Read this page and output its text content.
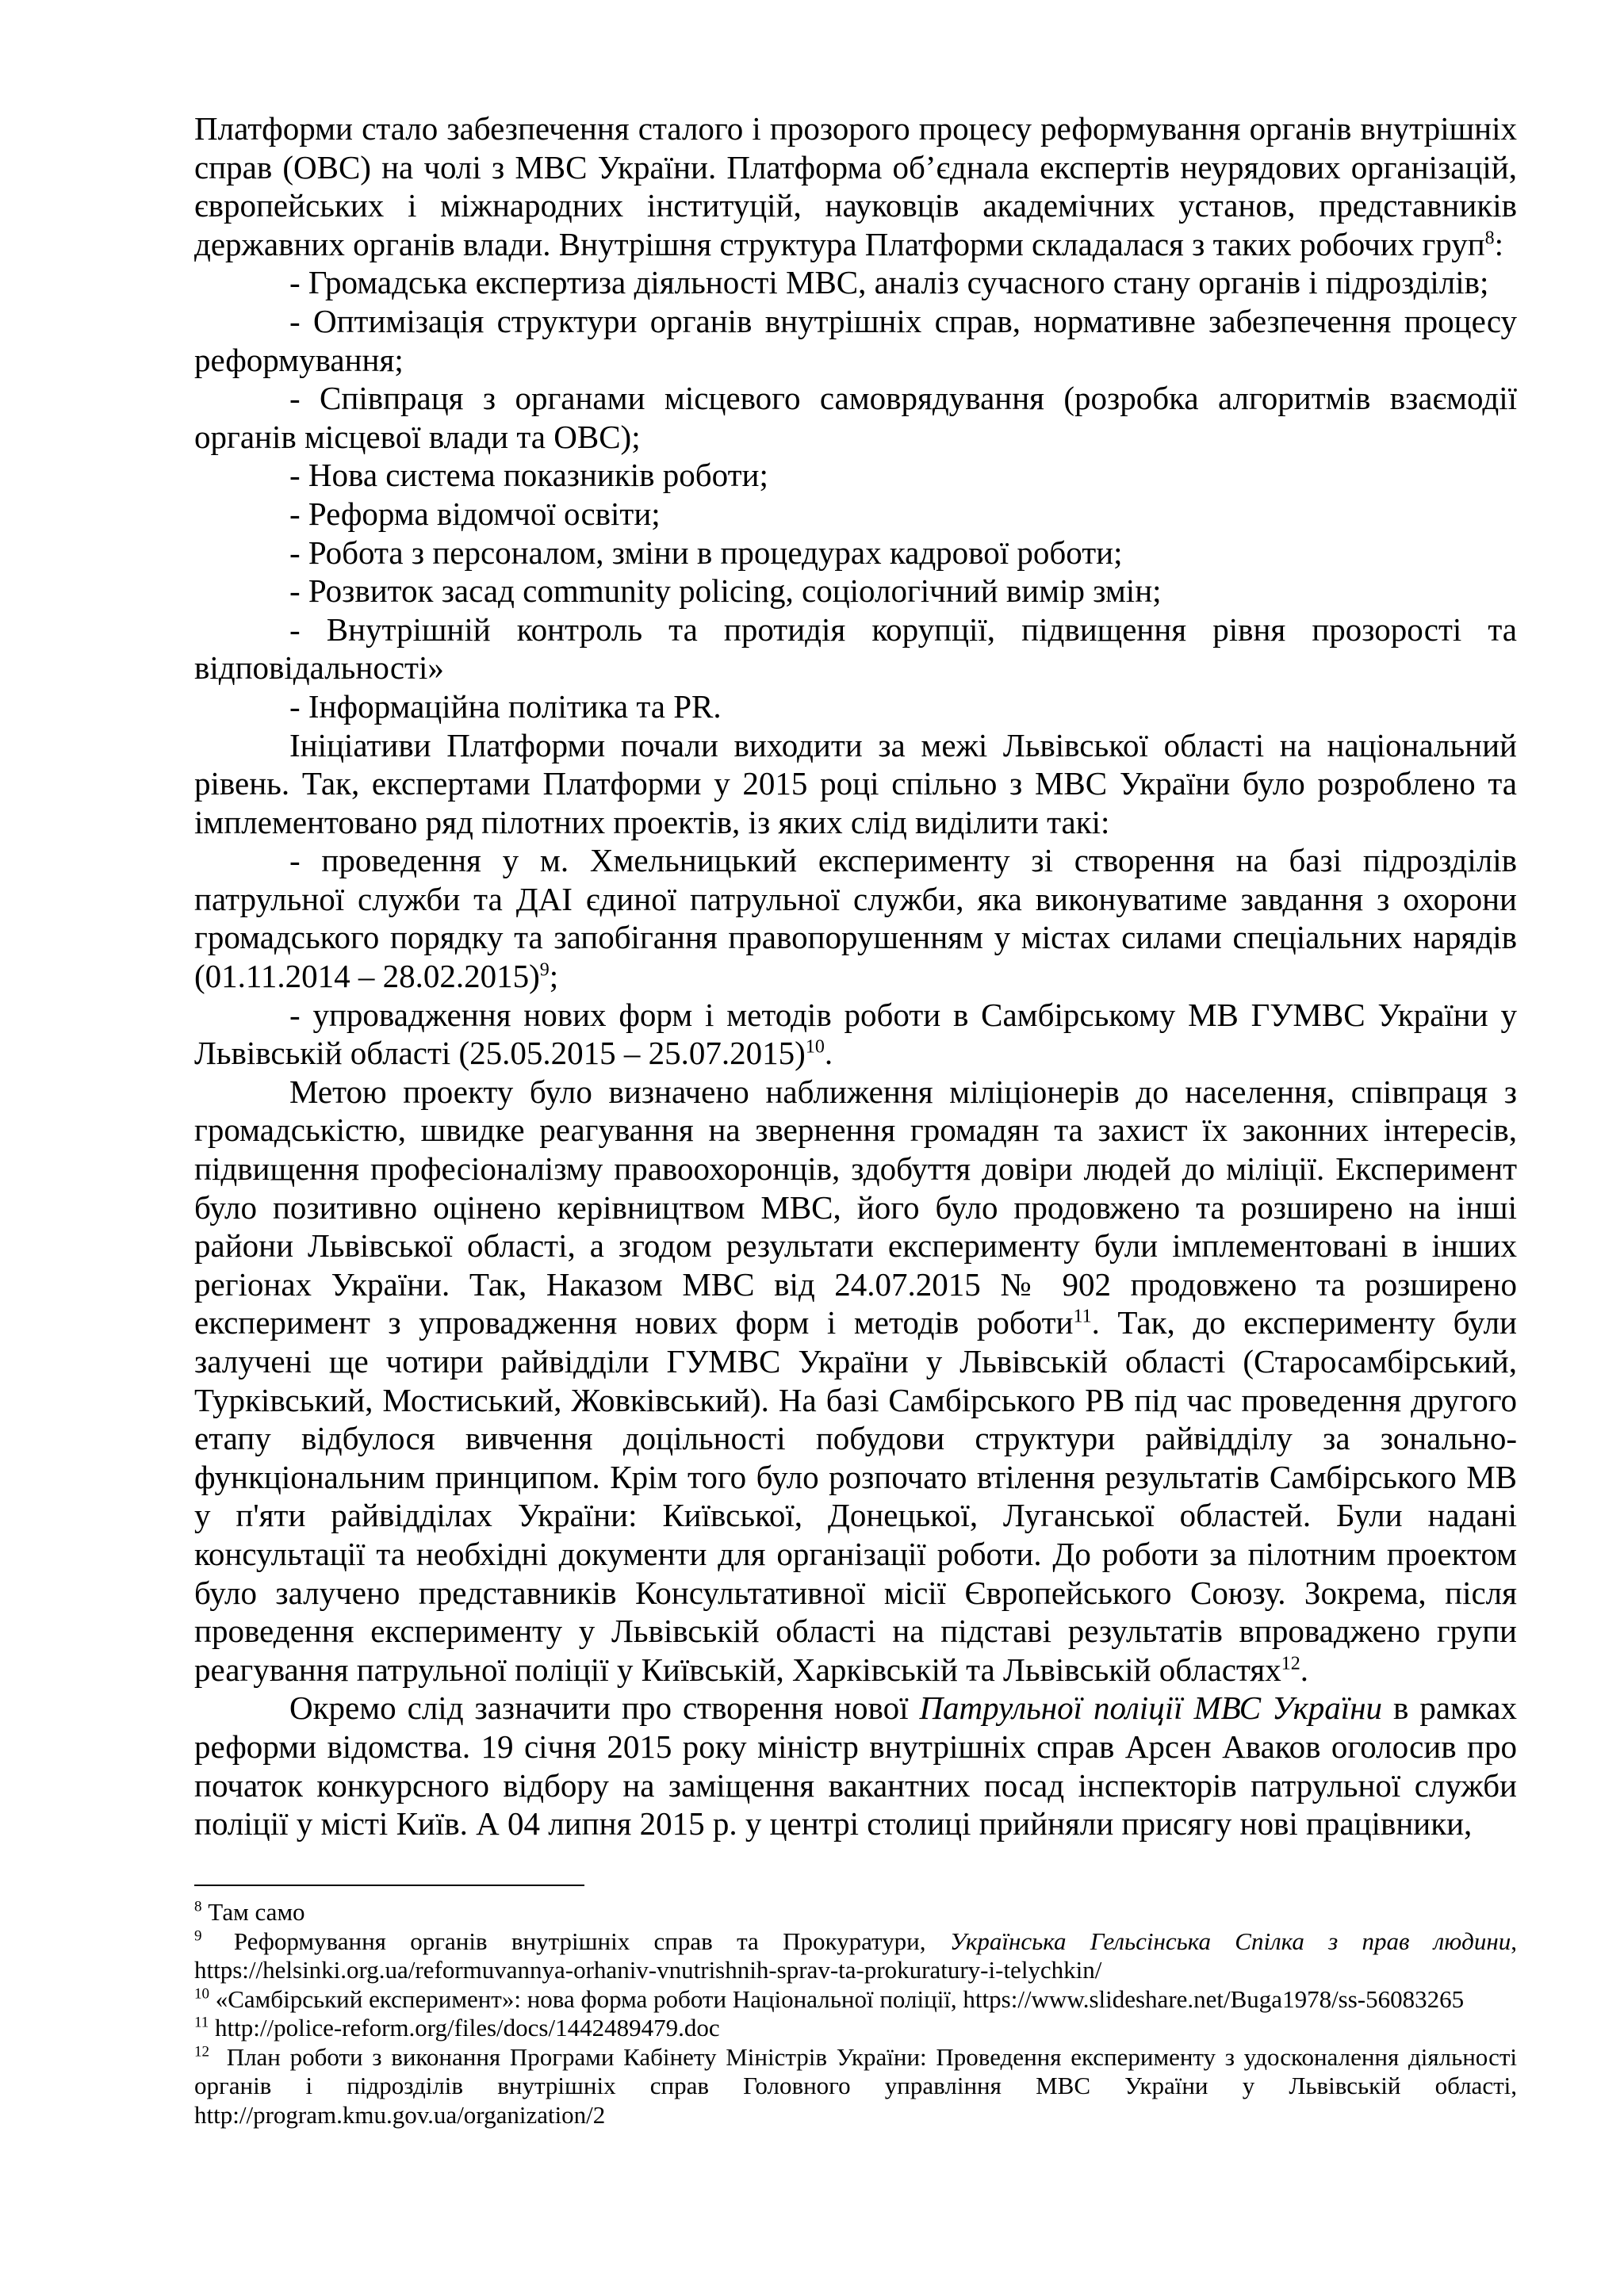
Платформи стало забезпечення сталого і прозорого процесу реформування органів внутрішніх справ (ОВС) на чолі з МВС України. Платформа об’єднала експертів неурядових організацій, європейських і міжнародних інституцій, науковців академічних установ, представників державних органів влади. Внутрішня структура Платформи складалася з таких робочих груп$^8$:

- Громадська експертиза діяльності МВС, аналіз сучасного стану органів і підрозділів;

- Оптимізація структури органів внутрішніх справ, нормативне забезпечення процесу реформування;

- Співпраця з органами місцевого самоврядування (розробка алгоритмів взаємодії органів місцевої влади та ОВС);

- Нова система показників роботи;

- Реформа відомчої освіти;

- Робота з персоналом, зміни в процедурах кадрової роботи;

- Розвиток засад community policing, соціологічний вимір змін;

- Внутрішній контроль та протидія корупції, підвищення рівня прозорості та відповідальності»

- Інформаційна політика та PR.

Ініціативи Платформи почали виходити за межі Львівської області на національний рівень. Так, експертами Платформи у 2015 році спільно з МВС України було розроблено та імплементовано ряд пілотних проектів, із яких слід виділити такі:

- проведення у м. Хмельницький експерименту зі створення на базі підрозділів патрульної служби та ДАІ єдиної патрульної служби, яка виконуватиме завдання з охорони громадського порядку та запобігання правопорушенням у містах силами спеціальних нарядів (01.11.2014 – 28.02.2015)$^9$;

- упровадження нових форм і методів роботи в Самбірському МВ ГУМВС України у Львівській області (25.05.2015 – 25.07.2015)$^{10}$.

Метою проекту було визначено наближення міліціонерів до населення, співпраця з громадськістю, швидке реагування на звернення громадян та захист їх законних інтересів, підвищення професіоналізму правоохоронців, здобуття довіри людей до міліції. Експеримент було позитивно оцінено керівництвом МВС, його було продовжено та розширено на інші райони Львівської області, а згодом результати експерименту були імплементовані в інших регіонах України. Так, Наказом МВС від 24.07.2015 № 902 продовжено та розширено експеримент з упровадження нових форм і методів роботи$^{11}$. Так, до експерименту були залучені ще чотири райвідділи ГУМВС України у Львівській області (Старосамбірський, Турківський, Мостиський, Жовківський). На базі Самбірського РВ під час проведення другого етапу відбулося вивчення доцільності побудови структури райвідділу за зонально-функціональним принципом. Крім того було розпочато втілення результатів Самбірського МВ у п'яти райвідділах України: Київської, Донецької, Луганської областей. Були надані консультації та необхідні документи для організації роботи. До роботи за пілотним проектом було залучено представників Консультативної місії Європейського Союзу. Зокрема, після проведення експерименту у Львівській області на підставі результатів впроваджено групи реагування патрульної поліції у Київській, Харківській та Львівській областях$^{12}$.

Окремо слід зазначити про створення нової Патрульної поліції МВС України в рамках реформи відомства. 19 січня 2015 року міністр внутрішніх справ Арсен Аваков оголосив про початок конкурсного відбору на заміщення вакантних посад інспекторів патрульної служби поліції у місті Київ. А 04 липня 2015 р. у центрі столиці прийняли присягу нові працівники,

$^8$ Там само

$^9$ Реформування органів внутрішніх справ та Прокуратури, Українська Гельсінська Спілка з прав людини, https://helsinki.org.ua/reformuvannya-orhaniv-vnutrishnih-sprav-ta-prokuratury-i-telychkin/

$^{10}$ «Самбірський експеримент»: нова форма роботи Національної поліції, https://www.slideshare.net/Buga1978/ss-56083265

$^{11}$ http://police-reform.org/files/docs/1442489479.doc

$^{12}$ План роботи з виконання Програми Кабінету Міністрів України: Проведення експерименту з удосконалення діяльності органів і підрозділів внутрішніх справ Головного управління МВС України у Львівській області, http://program.kmu.gov.ua/organization/2
